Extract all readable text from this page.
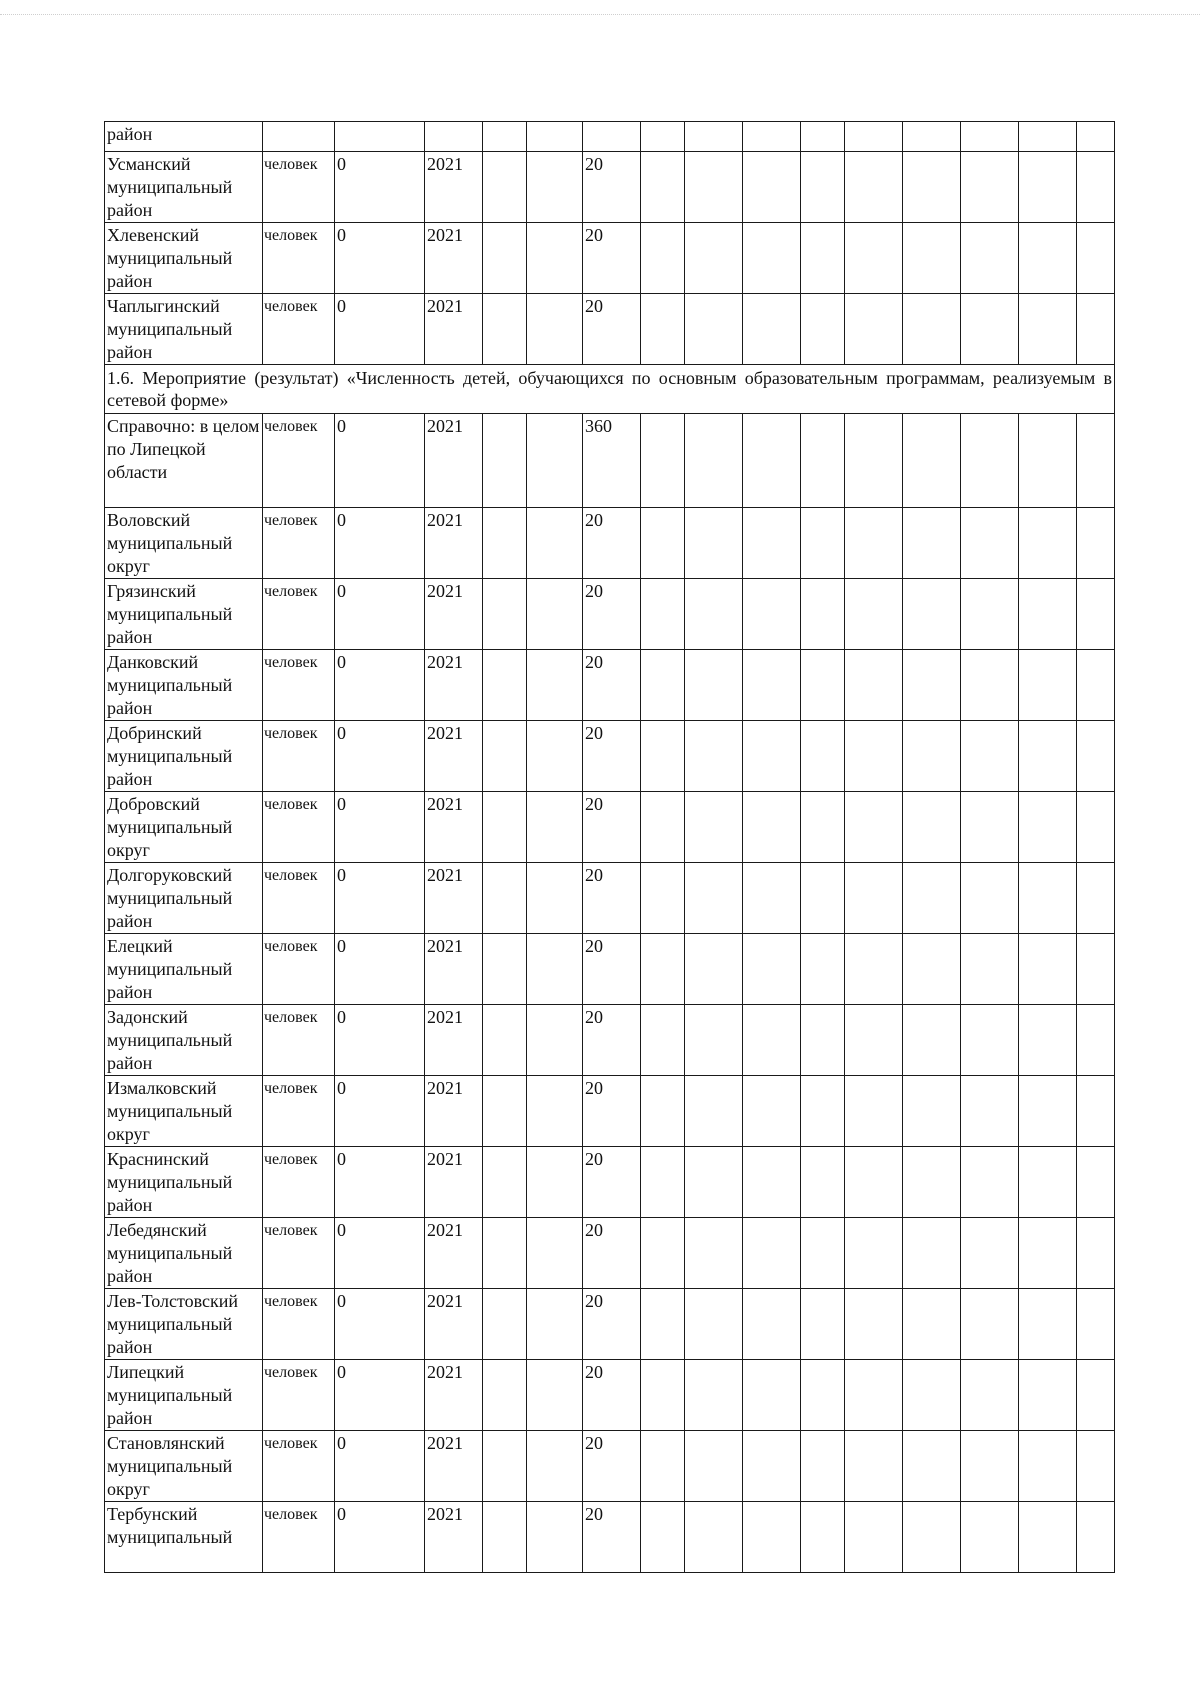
район															
Усманский муниципальный район	человек	0	2021			20									
Хлевенский муниципальный район	человек	0	2021			20									
Чаплыгинский муниципальный район	человек	0	2021			20									
1.6. Мероприятие (результат) «Численность детей, обучающихся по основным образовательным программам, реализуемым в сетевой форме»															
Справочно: в целом по Липецкой области	человек	0	2021			360									
Воловский муниципальный округ	человек	0	2021			20									
Грязинский муниципальный район	человек	0	2021			20									
Данковский муниципальный район	человек	0	2021			20									
Добринский муниципальный район	человек	0	2021			20									
Добровский муниципальный округ	человек	0	2021			20									
Долгоруковский муниципальный район	человек	0	2021			20									
Елецкий муниципальный район	человек	0	2021			20									
Задонский муниципальный район	человек	0	2021			20									
Измалковский муниципальный округ	человек	0	2021			20									
Краснинский муниципальный район	человек	0	2021			20									
Лебедянский муниципальный район	человек	0	2021			20									
Лев-Толстовский муниципальный район	человек	0	2021			20									
Липецкий муниципальный район	человек	0	2021			20									
Становлянский муниципальный округ	человек	0	2021			20									
Тербунский муниципальный	человек	0	2021			20									
